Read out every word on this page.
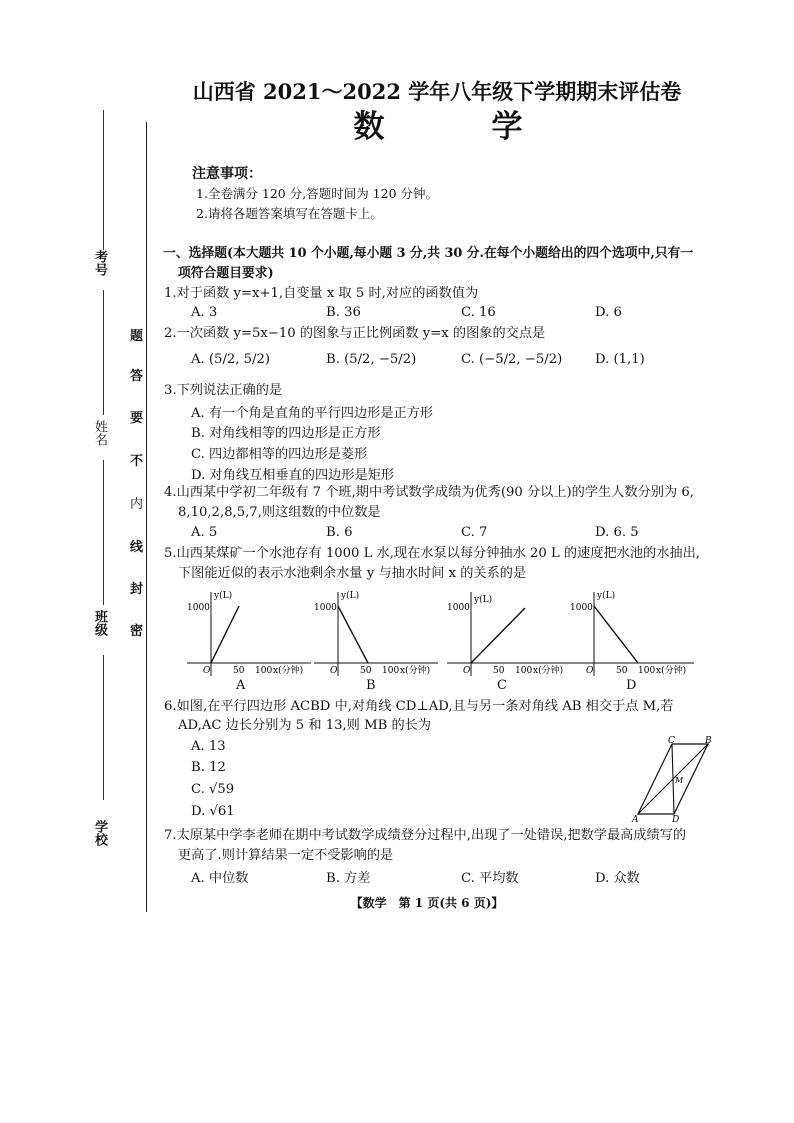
考号
姓名
班级
学校
题
答
要
不
内
线
封
密
山西省 2021～2022 学年八年级下学期期末评估卷
数　学
注意事项：
1.全卷满分 120 分,答题时间为 120 分钟。
2.请将各题答案填写在答题卡上。
一、选择题(本大题共 10 个小题,每小题 3 分,共 30 分.在每个小题给出的四个选项中,只有一
项符合题目要求)
1.对于函数 y=x+1,自变量 x 取 5 时,对应的函数值为
A. 3	B. 36	C. 16	D. 6
2.一次函数 y=5x−10 的图象与正比例函数 y=x 的图象的交点是
A. (5/2, 5/2)	B. (5/2, −5/2)	C. (−5/2, −5/2) D. (1,1)
3.下列说法正确的是
A. 有一个角是直角的平行四边形是正方形
B. 对角线相等的四边形是正方形
C. 四边都相等的四边形是菱形
D. 对角线互相垂直的四边形是矩形
4.山西某中学初二年级有 7 个班,期中考试数学成绩为优秀(90 分以上)的学生人数分别为 6,
8,10,2,8,5,7,则这组数的中位数是
A. 5	B. 6	C. 7	D. 6. 5
5.山西某煤矿一个水池存有 1000 L 水,现在水泵以每分钟抽水 20 L 的速度把水池的水抽出,
下图能近似的表示水池剩余水量 y 与抽水时间 x 的关系的是
y(L)
1000
O	50 100 x(分钟)
A
y(L)
1000
O	50 100 x(分钟)
B
y(L)
1000
O	50 100 x(分钟)
C
y(L)
1000
O	50 100 x(分钟)
D
6.如图,在平行四边形 ACBD 中,对角线 CD⊥AD,且与另一条对角线 AB 相交于点 M,若
AD,AC 边长分别为 5 和 13,则 MB 的长为
A. 13
B. 12
C. √59
D. √61
C	B
M
A	D
7.太原某中学李老师在期中考试数学成绩登分过程中,出现了一处错误,把数学最高成绩写的
更高了.则计算结果一定不受影响的是
A. 中位数	B. 方差	C. 平均数	D. 众数
【数学　第 1 页(共 6 页)】
